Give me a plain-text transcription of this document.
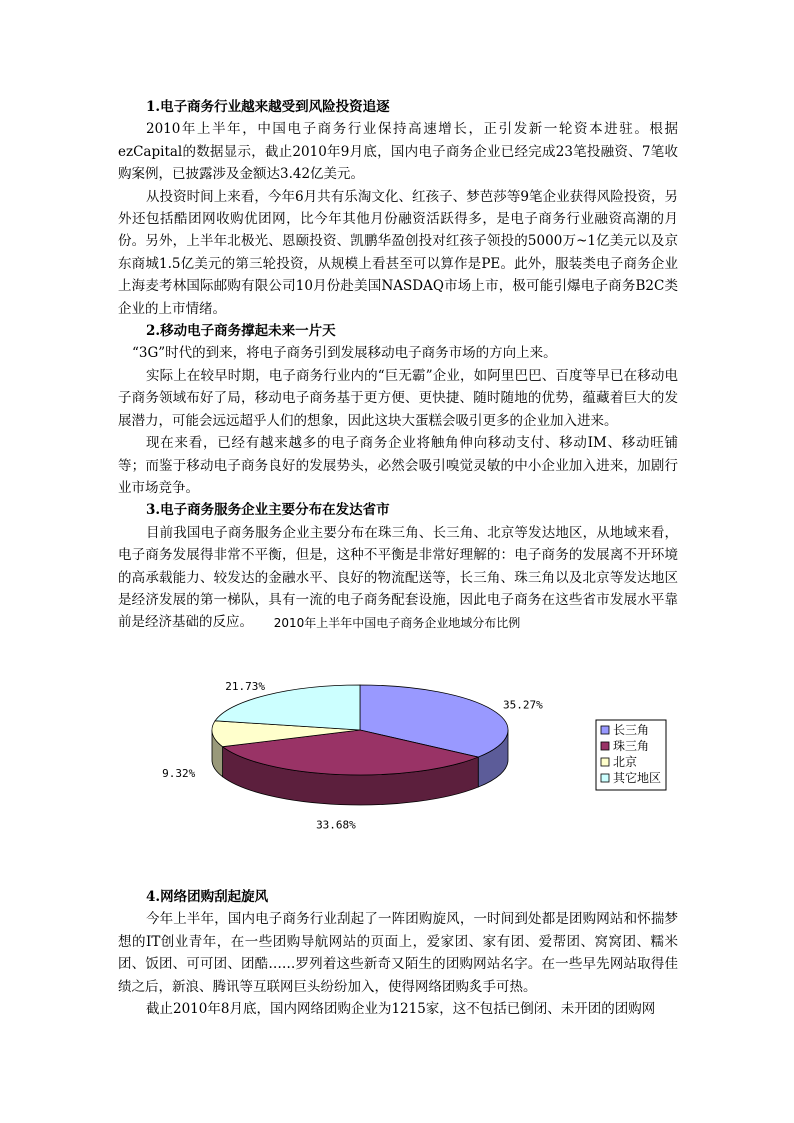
1.电子商务行业越来越受到风险投资追逐

2010年上半年，中国电子商务行业保持高速增长，正引发新一轮资本进驻。根据ezCapital的数据显示，截止2010年9月底，国内电子商务企业已经完成23笔投融资、7笔收购案例，已披露涉及金额达3.42亿美元。

从投资时间上来看，今年6月共有乐淘文化、红孩子、梦芭莎等9笔企业获得风险投资，另外还包括酷团网收购优团网，比今年其他月份融资活跃得多，是电子商务行业融资高潮的月份。另外，上半年北极光、恩颐投资、凯鹏华盈创投对红孩子领投的5000万~1亿美元以及京东商城1.5亿美元的第三轮投资，从规模上看甚至可以算作是PE。此外，服装类电子商务企业上海麦考林国际邮购有限公司10月份赴美国NASDAQ市场上市，极可能引爆电子商务B2C类企业的上市情绪。

2.移动电子商务撑起未来一片天

“3G”时代的到来，将电子商务引到发展移动电子商务市场的方向上来。

实际上在较早时期，电子商务行业内的“巨无霸”企业，如阿里巴巴、百度等早已在移动电子商务领域布好了局，移动电子商务基于更方便、更快捷、随时随地的优势，蕴藏着巨大的发展潜力，可能会远远超乎人们的想象，因此这块大蛋糕会吸引更多的企业加入进来。

现在来看，已经有越来越多的电子商务企业将触角伸向移动支付、移动IM、移动旺铺等；而鉴于移动电子商务良好的发展势头，必然会吸引嗅觉灵敏的中小企业加入进来，加剧行业市场竞争。

3.电子商务服务企业主要分布在发达省市

目前我国电子商务服务企业主要分布在珠三角、长三角、北京等发达地区，从地域来看，电子商务发展得非常不平衡，但是，这种不平衡是非常好理解的：电子商务的发展离不开环境的高承载能力、较发达的金融水平、良好的物流配送等，长三角、珠三角以及北京等发达地区是经济发展的第一梯队，具有一流的电子商务配套设施，因此电子商务在这些省市发展水平靠前是经济基础的反应。	2010年上半年中国电子商务企业地域分布比例
35.27%
33.68%
9.32%
21.73%
长三角
珠三角
北京
其它地区

4.网络团购刮起旋风

今年上半年，国内电子商务行业刮起了一阵团购旋风，一时间到处都是团购网站和怀揣梦想的IT创业青年，在一些团购导航网站的页面上，爱家团、家有团、爱帮团、窝窝团、糯米团、饭团、可可团、团酷……罗列着这些新奇又陌生的团购网站名字。在一些早先网站取得佳绩之后，新浪、腾讯等互联网巨头纷纷加入，使得网络团购炙手可热。

截止2010年8月底，国内网络团购企业为1215家，这不包括已倒闭、未开团的团购网
